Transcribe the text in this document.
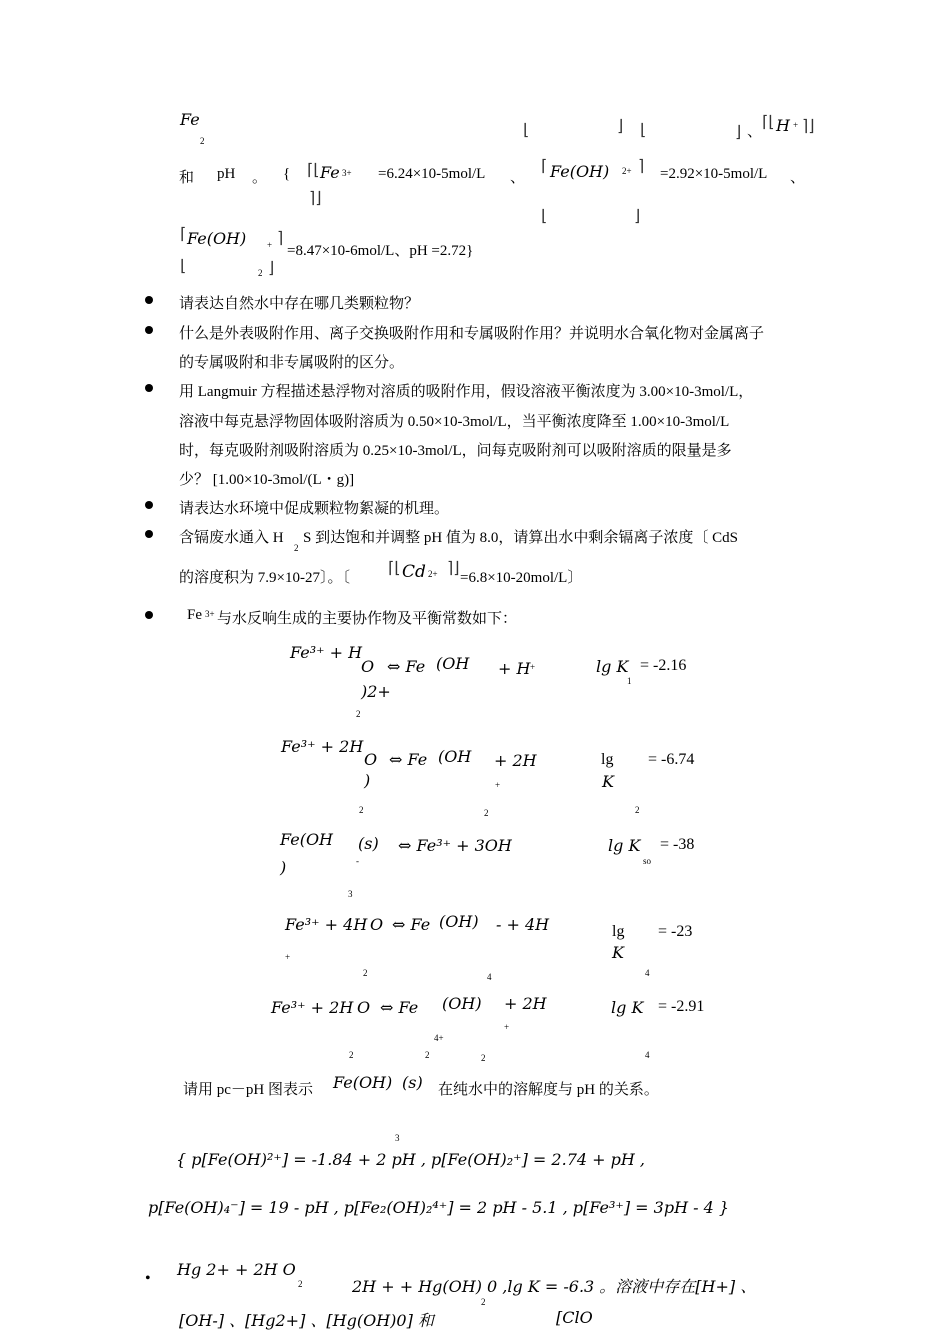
Fe
2
⌊	⌋ ⌊	⌋ 、
⌈⌊ H + ⌉⌋
和 pH 。 { ⌈⌊ Fe 3+
⌉⌋
=6.24×10-5mol/L 、
⌈ Fe(OH) 2+ ⌉
⌊	⌋
=2.92×10-5mol/L 、
⌈ Fe(OH) + ⌉
⌊	2 ⌋
=8.47×10-6mol/L、pH =2.72}
请表达自然水中存在哪几类颗粒物？
什么是外表吸附作用、离子交换吸附作用和专属吸附作用？并说明水合氧化物对金属离子
的专属吸附和非专属吸附的区分。
用 Langmuir 方程描述悬浮物对溶质的吸附作用，假设溶液平衡浓度为 3.00×10-3mol/L，
溶液中每克悬浮物固体吸附溶质为 0.50×10-3mol/L，当平衡浓度降至 1.00×10-3mol/L
时，每克吸附剂吸附溶质为 0.25×10-3mol/L，问每克吸附剂可以吸附溶质的限量是多
少？ [1.00×10-3mol/(L・g)]
请表达水环境中促成颗粒物絮凝的机理。
含镉废水通入 H
2
S 到达饱和并调整 pH 值为 8.0，请算出水中剩余镉离子浓度〔 CdS
的溶度积为 7.9×10-27〕。〔
⌈⌊ Cd 2+ ⌉⌋
=6.8×10-20mol/L〕
Fe 3+ 与水反响生成的主要协作物及平衡常数如下：
Fe³⁺ + H
O ⇔ Fe (OH + H +	lg K
1
= -2.16
)2+
2
Fe³⁺ + 2H
O ⇔ Fe (OH + 2H
+
lg
K
2
= -6.74
)
2	2
Fe(OH (s) ⇔ Fe³⁺ + 3OH
-
lg K
so
= -38
)
3
Fe³⁺ + 4H O ⇔ Fe (OH) - + 4H
+
lg
K
4
= -23
2	4
Fe³⁺ + 2H O ⇔ Fe (OH) + 2H
+
lg K = -2.91
4+
2	2	2	4
请用 pc－pH 图表示 Fe(OH) (s) 在纯水中的溶解度与 pH 的关系。
3
{ p[Fe(OH)²⁺] = -1.84 + 2 pH , p[Fe(OH)₂⁺] = 2.74 + pH ,
p[Fe(OH)₄⁻] = 19 - pH , p[Fe₂(OH)₂⁴⁺] = 2 pH - 5.1 , p[Fe³⁺] = 3pH - 4 }
• Hg 2+ + 2H O
2	2H + + Hg(OH) 0 ,lg K = -6.3 。溶液中存在[H+] 、
[OH-] 、[Hg2+] 、[Hg(OH)0] 和
2
[ClO
